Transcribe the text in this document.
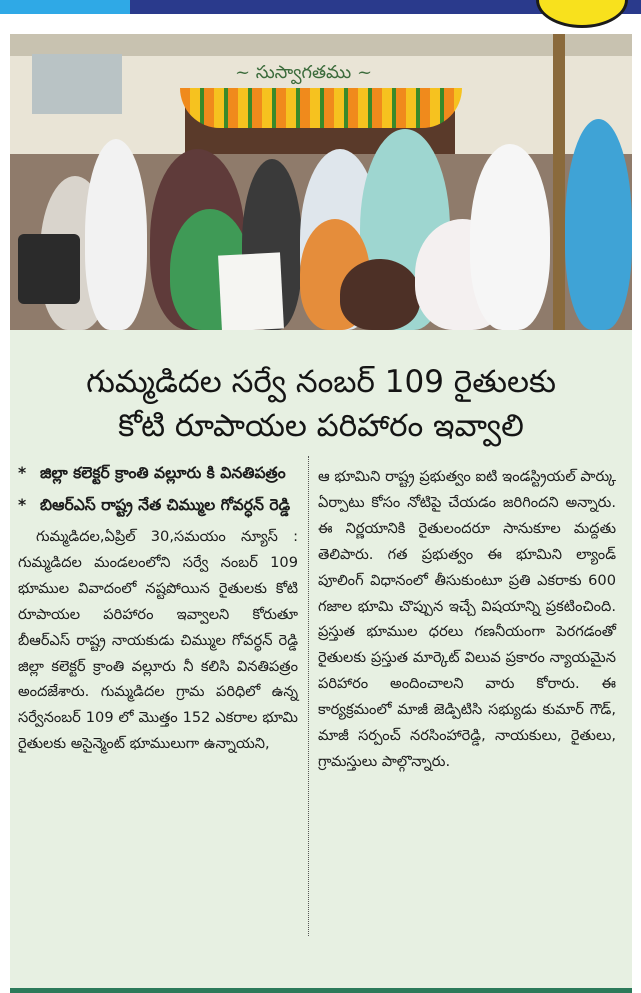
~ సుస్వాగతము ~
గుమ్మడిదల సర్వే నంబర్ 109 రైతులకు
కోటి రూపాయల పరిహారం ఇవ్వాలి
* జిల్లా కలెక్టర్ క్రాంతి వల్లూరు కి వినతిపత్రం
* బిఆర్ఎస్ రాష్ట్ర నేత చిమ్ముల గోవర్ధన్ రెడ్డి
గుమ్మడిదల,ఏప్రిల్ 30,సమయం న్యూస్ : గుమ్మడిదల మండలంలోని సర్వే నంబర్ 109 భూముల వివాదంలో నష్టపోయిన రైతులకు కోటి రూపాయల పరిహారం ఇవ్వాలని కోరుతూ బీఆర్ఎస్ రాష్ట్ర నాయకుడు చిమ్ముల గోవర్ధన్ రెడ్డి జిల్లా కలెక్టర్ క్రాంతి వల్లూరు నీ కలిసి వినతిపత్రం అందజేశారు. గుమ్మడిదల గ్రామ పరిధిలో ఉన్న సర్వేనంబర్ 109 లో మొత్తం 152 ఎకరాల భూమి రైతులకు అసైన్మెంట్ భూములుగా ఉన్నాయని,
ఆ భూమిని రాష్ట్ర ప్రభుత్వం ఐటి ఇండస్ట్రియల్ పార్కు ఏర్పాటు కోసం నోటిపై చేయడం జరిగిందని అన్నారు. ఈ నిర్ణయానికి రైతులందరూ సానుకూల మద్దతు తెలిపారు. గత ప్రభుత్వం ఈ భూమిని ల్యాండ్ పూలింగ్ విధానంలో తీసుకుంటూ ప్రతి ఎకరాకు 600 గజాల భూమి చొప్పున ఇచ్చే విషయాన్ని ప్రకటించింది. ప్రస్తుత భూముల ధరలు గణనీయంగా పెరగడంతో రైతులకు ప్రస్తుత మార్కెట్ విలువ ప్రకారం న్యాయమైన పరిహారం అందించాలని వారు కోరారు. ఈ కార్యక్రమంలో మాజీ జెడ్పిటిసి సభ్యుడు కుమార్ గౌడ్, మాజీ సర్పంచ్ నరసింహారెడ్డి, నాయకులు, రైతులు, గ్రామస్తులు పాల్గొన్నారు.
